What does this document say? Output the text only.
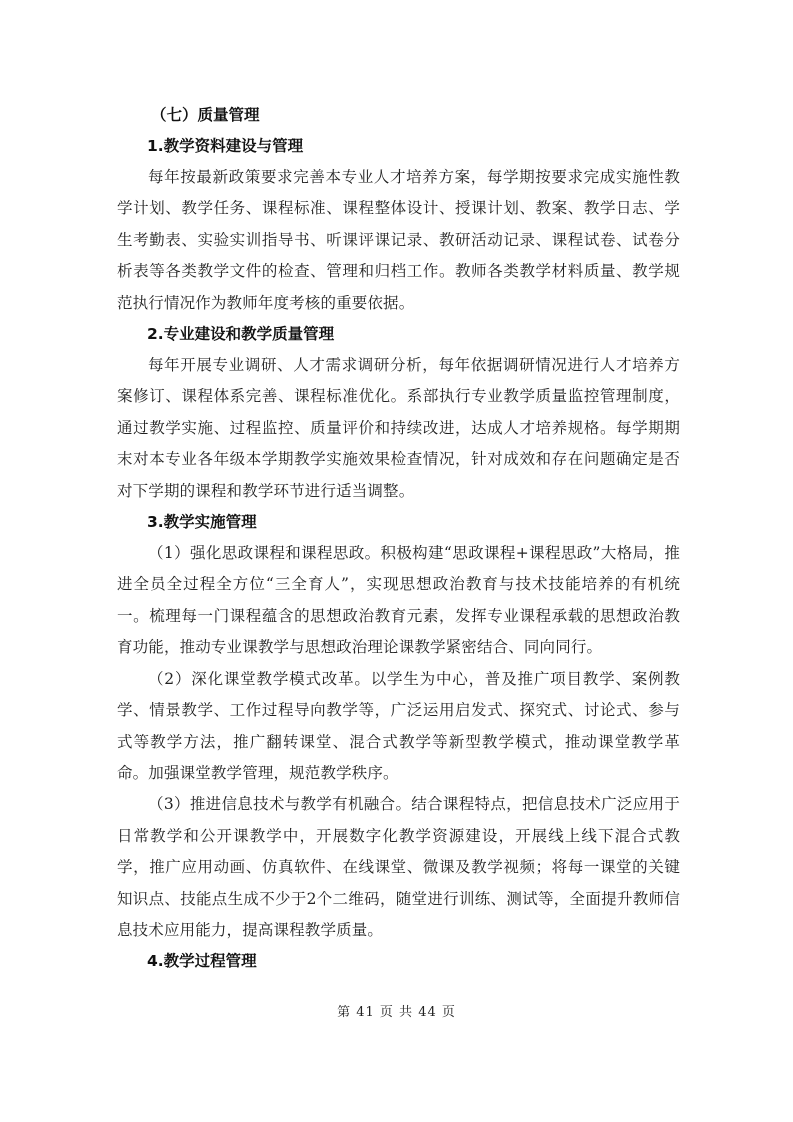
（七）质量管理
1.教学资料建设与管理

每年按最新政策要求完善本专业人才培养方案，每学期按要求完成实施性教学计划、教学任务、课程标准、课程整体设计、授课计划、教案、教学日志、学生考勤表、实验实训指导书、听课评课记录、教研活动记录、课程试卷、试卷分析表等各类教学文件的检查、管理和归档工作。教师各类教学材料质量、教学规范执行情况作为教师年度考核的重要依据。

2.专业建设和教学质量管理

每年开展专业调研、人才需求调研分析，每年依据调研情况进行人才培养方案修订、课程体系完善、课程标准优化。系部执行专业教学质量监控管理制度，通过教学实施、过程监控、质量评价和持续改进，达成人才培养规格。每学期期末对本专业各年级本学期教学实施效果检查情况，针对成效和存在问题确定是否对下学期的课程和教学环节进行适当调整。

3.教学实施管理

（1）强化思政课程和课程思政。积极构建“思政课程+课程思政”大格局，推进全员全过程全方位“三全育人”，实现思想政治教育与技术技能培养的有机统一。梳理每一门课程蕴含的思想政治教育元素，发挥专业课程承载的思想政治教育功能，推动专业课教学与思想政治理论课教学紧密结合、同向同行。

（2）深化课堂教学模式改革。以学生为中心，普及推广项目教学、案例教学、情景教学、工作过程导向教学等，广泛运用启发式、探究式、讨论式、参与式等教学方法，推广翻转课堂、混合式教学等新型教学模式，推动课堂教学革命。加强课堂教学管理，规范教学秩序。

（3）推进信息技术与教学有机融合。结合课程特点，把信息技术广泛应用于日常教学和公开课教学中，开展数字化教学资源建设，开展线上线下混合式教学，推广应用动画、仿真软件、在线课堂、微课及教学视频；将每一课堂的关键知识点、技能点生成不少于2个二维码，随堂进行训练、测试等，全面提升教师信息技术应用能力，提高课程教学质量。

4.教学过程管理
第 41 页 共 44 页
